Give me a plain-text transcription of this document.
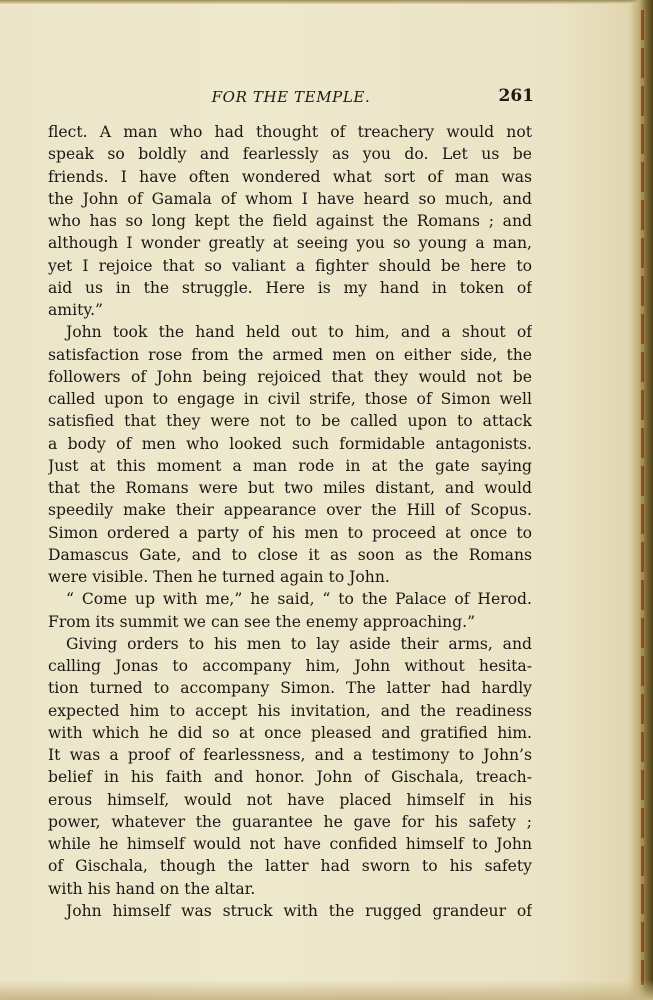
FOR THE TEMPLE.	261
flect. A man who had thought of treachery would not
speak so boldly and fearlessly as you do. Let us be
friends. I have often wondered what sort of man was
the John of Gamala of whom I have heard so much, and
who has so long kept the field against the Romans ; and
although I wonder greatly at seeing you so young a man,
yet I rejoice that so valiant a fighter should be here to
aid us in the struggle. Here is my hand in token of
amity.”
John took the hand held out to him, and a shout of
satisfaction rose from the armed men on either side, the
followers of John being rejoiced that they would not be
called upon to engage in civil strife, those of Simon well
satisfied that they were not to be called upon to attack
a body of men who looked such formidable antagonists.
Just at this moment a man rode in at the gate saying
that the Romans were but two miles distant, and would
speedily make their appearance over the Hill of Scopus.
Simon ordered a party of his men to proceed at once to
Damascus Gate, and to close it as soon as the Romans
were visible. Then he turned again to John.
“ Come up with me,” he said, “ to the Palace of Herod.
From its summit we can see the enemy approaching.”
Giving orders to his men to lay aside their arms, and
calling Jonas to accompany him, John without hesita-
tion turned to accompany Simon. The latter had hardly
expected him to accept his invitation, and the readiness
with which he did so at once pleased and gratified him.
It was a proof of fearlessness, and a testimony to John’s
belief in his faith and honor. John of Gischala, treach-
erous himself, would not have placed himself in his
power, whatever the guarantee he gave for his safety ;
while he himself would not have confided himself to John
of Gischala, though the latter had sworn to his safety
with his hand on the altar.
John himself was struck with the rugged grandeur of
